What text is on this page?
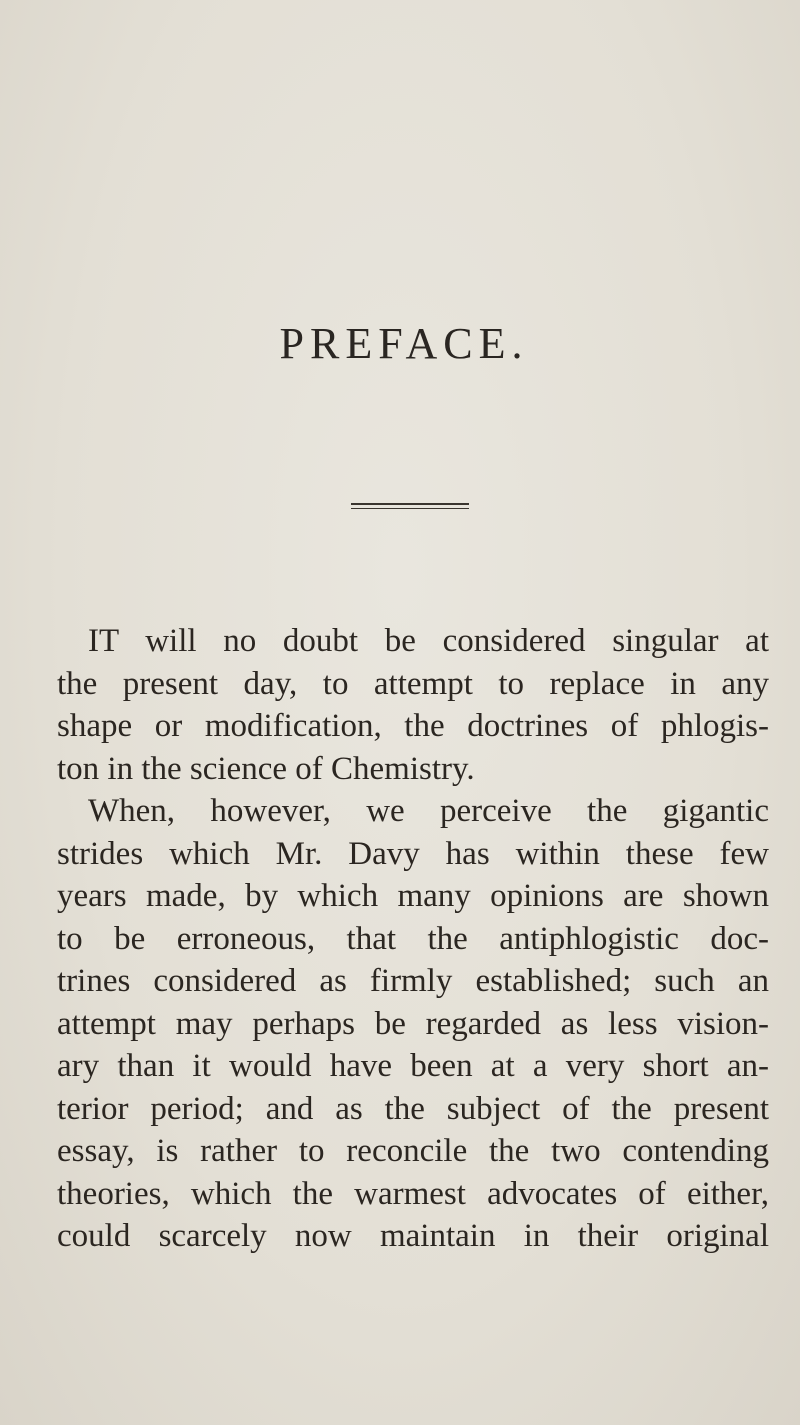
PREFACE.
IT will no doubt be considered singular at
the present day, to attempt to replace in any
shape or modification, the doctrines of phlogis-
ton in the science of Chemistry.
When, however, we perceive the gigantic
strides which Mr. Davy has within these few
years made, by which many opinions are shown
to be erroneous, that the antiphlogistic doc-
trines considered as firmly established; such an
attempt may perhaps be regarded as less vision-
ary than it would have been at a very short an-
terior period; and as the subject of the present
essay, is rather to reconcile the two contending
theories, which the warmest advocates of either,
could scarcely now maintain in their original
